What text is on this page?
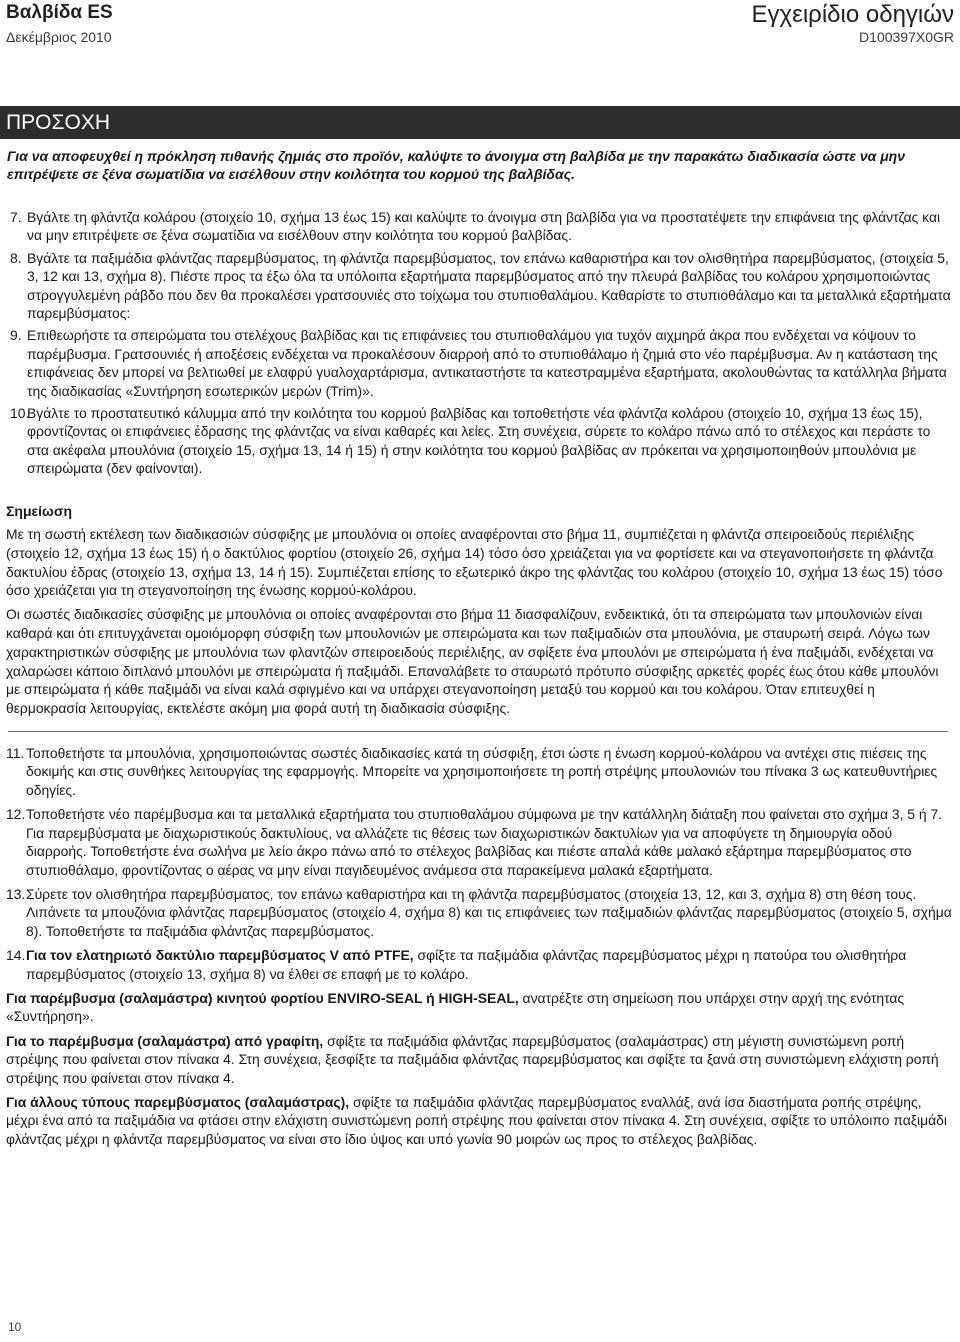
Βαλβίδα ES
Δεκέμβριος 2010
Εγχειρίδιο οδηγιών
D100397X0GR
ΠΡΟΣΟΧΗ
Για να αποφευχθεί η πρόκληση πιθανής ζημιάς στο προϊόν, καλύψτε το άνοιγμα στη βαλβίδα με την παρακάτω διαδικασία ώστε να μην επιτρέψετε σε ξένα σωματίδια να εισέλθουν στην κοιλότητα του κορμού της βαλβίδας.
7. Βγάλτε τη φλάντζα κολάρου (στοιχείο 10, σχήμα 13 έως 15) και καλύψτε το άνοιγμα στη βαλβίδα για να προστατέψετε την επιφάνεια της φλάντζας και να μην επιτρέψετε σε ξένα σωματίδια να εισέλθουν στην κοιλότητα του κορμού βαλβίδας.
8. Βγάλτε τα παξιμάδια φλάντζας παρεμβύσματος, τη φλάντζα παρεμβύσματος, τον επάνω καθαριστήρα και τον ολισθητήρα παρεμβύσματος, (στοιχεία 5, 3, 12 και 13, σχήμα 8). Πιέστε προς τα έξω όλα τα υπόλοιπα εξαρτήματα παρεμβύσματος από την πλευρά βαλβίδας του κολάρου χρησιμοποιώντας στρογγυλεμένη ράβδο που δεν θα προκαλέσει γρατσουνιές στο τοίχωμα του στυπιοθαλάμου. Καθαρίστε το στυπιοθάλαμο και τα μεταλλικά εξαρτήματα παρεμβύσματος:
9. Επιθεωρήστε τα σπειρώματα του στελέχους βαλβίδας και τις επιφάνειες του στυπιοθαλάμου για τυχόν αιχμηρά άκρα που ενδέχεται να κόψουν το παρέμβυσμα. Γρατσουνιές ή αποξέσεις ενδέχεται να προκαλέσουν διαρροή από το στυπιοθάλαμο ή ζημιά στο νέο παρέμβυσμα. Αν η κατάσταση της επιφάνειας δεν μπορεί να βελτιωθεί με ελαφρύ γυαλοχαρτάρισμα, αντικαταστήστε τα κατεστραμμένα εξαρτήματα, ακολουθώντας τα κατάλληλα βήματα της διαδικασίας «Συντήρηση εσωτερικών μερών (Trim)».
10.
Βγάλτε το προστατευτικό κάλυμμα από την κοιλότητα του κορμού βαλβίδας και τοποθετήστε νέα φλάντζα κολάρου (στοιχείο 10, σχήμα 13 έως 15), φροντίζοντας οι επιφάνειες έδρασης της φλάντζας να είναι καθαρές και λείες. Στη συνέχεια, σύρετε το κολάρο πάνω από το στέλεχος και περάστε το στα ακέφαλα μπουλόνια (στοιχείο 15, σχήμα 13, 14 ή 15) ή στην κοιλότητα του κορμού βαλβίδας αν πρόκειται να χρησιμοποιηθούν μπουλόνια με σπειρώματα (δεν φαίνονται).
Σημείωση

Με τη σωστή εκτέλεση των διαδικασιών σύσφιξης με μπουλόνια οι οποίες αναφέρονται στο βήμα 11, συμπιέζεται η φλάντζα σπειροειδούς περιέλιξης (στοιχείο 12, σχήμα 13 έως 15) ή ο δακτύλιος φορτίου (στοιχείο 26, σχήμα 14) τόσο όσο χρειάζεται για να φορτίσετε και να στεγανοποιήσετε τη φλάντζα δακτυλίου έδρας (στοιχείο 13, σχήμα 13, 14 ή 15). Συμπιέζεται επίσης το εξωτερικό άκρο της φλάντζας του κολάρου (στοιχείο 10, σχήμα 13 έως 15) τόσο όσο χρειάζεται για τη στεγανοποίηση της ένωσης κορμού-κολάρου.

Οι σωστές διαδικασίες σύσφιξης με μπουλόνια οι οποίες αναφέρονται στο βήμα 11 διασφαλίζουν, ενδεικτικά, ότι τα σπειρώματα των μπουλονιών είναι καθαρά και ότι επιτυγχάνεται ομοιόμορφη σύσφιξη των μπουλονιών με σπειρώματα και των παξιμαδιών στα μπουλόνια, με σταυρωτή σειρά. Λόγω των χαρακτηριστικών σύσφιξης με μπουλόνια των φλαντζών σπειροειδούς περιέλιξης, αν σφίξετε ένα μπουλόνι με σπειρώματα ή ένα παξιμάδι, ενδέχεται να χαλαρώσει κάποιο διπλανό μπουλόνι με σπειρώματα ή παξιμάδι. Επαναλάβετε το σταυρωτό πρότυπο σύσφιξης αρκετές φορές έως ότου κάθε μπουλόνι με σπειρώματα ή κάθε παξιμάδι να είναι καλά σφιγμένο και να υπάρχει στεγανοποίηση μεταξύ του κορμού και του κολάρου. Όταν επιτευχθεί η θερμοκρασία λειτουργίας, εκτελέστε ακόμη μια φορά αυτή τη διαδικασία σύσφιξης.

11. Τοποθετήστε τα μπουλόνια, χρησιμοποιώντας σωστές διαδικασίες κατά τη σύσφιξη, έτσι ώστε η ένωση κορμού-κολάρου να αντέχει στις πιέσεις της δοκιμής και στις συνθήκες λειτουργίας της εφαρμογής. Μπορείτε να χρησιμοποιήσετε τη ροπή στρέψης μπουλονιών του πίνακα 3 ως κατευθυντήριες οδηγίες.
12. Τοποθετήστε νέο παρέμβυσμα και τα μεταλλικά εξαρτήματα του στυπιοθαλάμου σύμφωνα με την κατάλληλη διάταξη που φαίνεται στο σχήμα 3, 5 ή 7. Για παρεμβύσματα με διαχωριστικούς δακτυλίους, να αλλάζετε τις θέσεις των διαχωριστικών δακτυλίων για να αποφύγετε τη δημιουργία οδού διαρροής. Τοποθετήστε ένα σωλήνα με λείο άκρο πάνω από το στέλεχος βαλβίδας και πιέστε απαλά κάθε μαλακό εξάρτημα παρεμβύσματος στο στυπιοθάλαμο, φροντίζοντας ο αέρας να μην είναι παγιδευμένος ανάμεσα στα παρακείμενα μαλακά εξαρτήματα.
13. Σύρετε τον ολισθητήρα παρεμβύσματος, τον επάνω καθαριστήρα και τη φλάντζα παρεμβύσματος (στοιχεία 13, 12, και 3, σχήμα 8) στη θέση τους. Λιπάνετε τα μπουζόνια φλάντζας παρεμβύσματος (στοιχείο 4, σχήμα 8) και τις επιφάνειες των παξιμαδιών φλάντζας παρεμβύσματος (στοιχείο 5, σχήμα 8). Τοποθετήστε τα παξιμάδια φλάντζας παρεμβύσματος.
14. Για τον ελατηριωτό δακτύλιο παρεμβύσματος V από PTFE, σφίξτε τα παξιμάδια φλάντζας παρεμβύσματος μέχρι η πατούρα του ολισθητήρα παρεμβύσματος (στοιχείο 13, σχήμα 8) να έλθει σε επαφή με το κολάρο.

Για παρέμβυσμα (σαλαμάστρα) κινητού φορτίου ENVIRO-SEAL ή HIGH-SEAL, ανατρέξτε στη σημείωση που υπάρχει στην αρχή της ενότητας «Συντήρηση».

Για το παρέμβυσμα (σαλαμάστρα) από γραφίτη, σφίξτε τα παξιμάδια φλάντζας παρεμβύσματος (σαλαμάστρας) στη μέγιστη συνιστώμενη ροπή στρέψης που φαίνεται στον πίνακα 4. Στη συνέχεια, ξεσφίξτε τα παξιμάδια φλάντζας παρεμβύσματος και σφίξτε τα ξανά στη συνιστώμενη ελάχιστη ροπή στρέψης που φαίνεται στον πίνακα 4.

Για άλλους τύπους παρεμβύσματος (σαλαμάστρας), σφίξτε τα παξιμάδια φλάντζας παρεμβύσματος εναλλάξ, ανά ίσα διαστήματα ροπής στρέψης, μέχρι ένα από τα παξιμάδια να φτάσει στην ελάχιστη συνιστώμενη ροπή στρέψης που φαίνεται στον πίνακα 4. Στη συνέχεια, σφίξτε το υπόλοιπο παξιμάδι φλάντζας μέχρι η φλάντζα παρεμβύσματος να είναι στο ίδιο ύψος και υπό γωνία 90 μοιρών ως προς το στέλεχος βαλβίδας.

10
